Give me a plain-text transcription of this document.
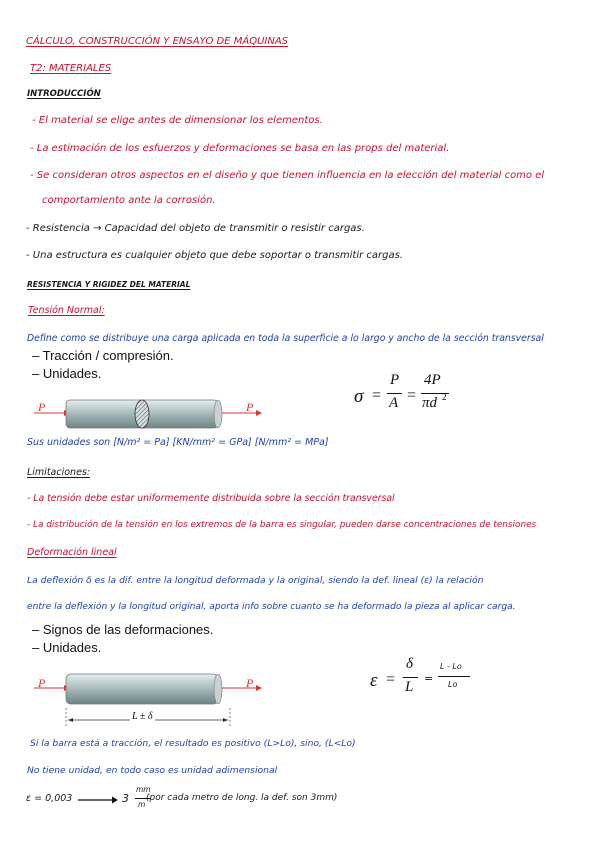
CÁLCULO, CONSTRUCCIÓN Y ENSAYO DE MÁQUINAS
T2: MATERIALES
INTRODUCCIÓN
- El material se elige antes de dimensionar los elementos.
- La estimación de los esfuerzos y deformaciones se basa en las props del material.
- Se consideran otros aspectos en el diseño y que tienen influencia en la elección del material como el
comportamiento ante la corrosión.
- Resistencia → Capacidad del objeto de transmitir o resistir cargas.
- Una estructura es cualquier objeto que debe soportar o transmitir cargas.
RESISTENCIA Y RIGIDEZ DEL MATERIAL
Tensión Normal:
Define como se distribuye una carga aplicada en toda la superficie a lo largo y ancho de la sección transversal
– Tracción / compresión.
– Unidades.
P	P	σ =
P
A =
4P
πd 2
Sus unidades son [N/m² = Pa] [KN/mm² = GPa] [N/mm² = MPa]
Limitaciones:
- La tensión debe estar uniformemente distribuida sobre la sección transversal
- La distribución de la tensión en los extremos de la barra es singular, pueden darse concentraciones de tensiones
Deformación lineal
La deflexión δ es la dif. entre la longitud deformada y la original, siendo la def. lineal (ε) la relación
entre la deflexión y la longitud original, aporta info sobre cuanto se ha deformado la pieza al aplicar carga.
– Signos de las deformaciones.
– Unidades.
P	P
L ± δ
ε =
δ
L
=
L - Lo
Lo
Si la barra está a tracción, el resultado es positivo (L>Lo), sino, (L<Lo)
No tiene unidad, en todo caso es unidad adimensional
ε = 0,003	3
mm
m
(por cada metro de long. la def. son 3mm)
